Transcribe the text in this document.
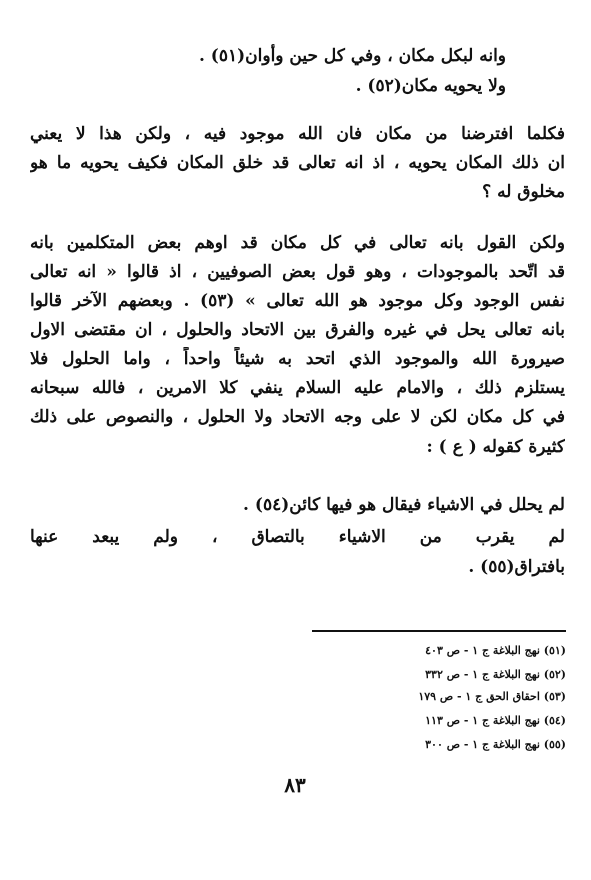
وانه لبكل مكان ، وفي كل حين وأوان(٥١) .
ولا يحويه مكان(٥٢) .
فكلما افترضنا من مكان فان الله موجود فيه ، ولكن هذا لا يعني
ان ذلك المكان يحويه ، اذ انه تعالى قد خلق المكان فكيف يحويه ما هو
مخلوق له ؟
ولكن القول بانه تعالى في كل مكان قد اوهم بعض المتكلمين بانه
قد اتّحد بالموجودات ، وهو قول بعض الصوفيين ، اذ قالوا « انه تعالى
نفس الوجود وكل موجود هو الله تعالى » (٥٣) . وبعضهم الآخر قالوا
بانه تعالى يحل في غيره والفرق بين الاتحاد والحلول ، ان مقتضى الاول
صيرورة الله والموجود الذي اتحد به شيئاً واحداً ، واما الحلول فلا
يستلزم ذلك ، والامام عليه السلام ينفي كلا الامرين ، فالله سبحانه
في كل مكان لكن لا على وجه الاتحاد ولا الحلول ، والنصوص على ذلك
كثيرة كقوله ( ع ) :
لم يحلل في الاشياء فيقال هو فيها كائن(٥٤) .
لم يقرب من الاشياء بالتصاق ، ولم يبعد عنها
بافتراق(٥٥) .
(٥١) نهج البلاغة ج ١ - ص ٤٠٣
(٥٢) نهج البلاغة ج ١ - ص ٣٣٢
(٥٣) احقاق الحق ج ١ - ص ١٧٩
(٥٤) نهج البلاغة ج ١ - ص ١١٣
(٥٥) نهج البلاغة ج ١ - ص ٣٠٠
٨٣
